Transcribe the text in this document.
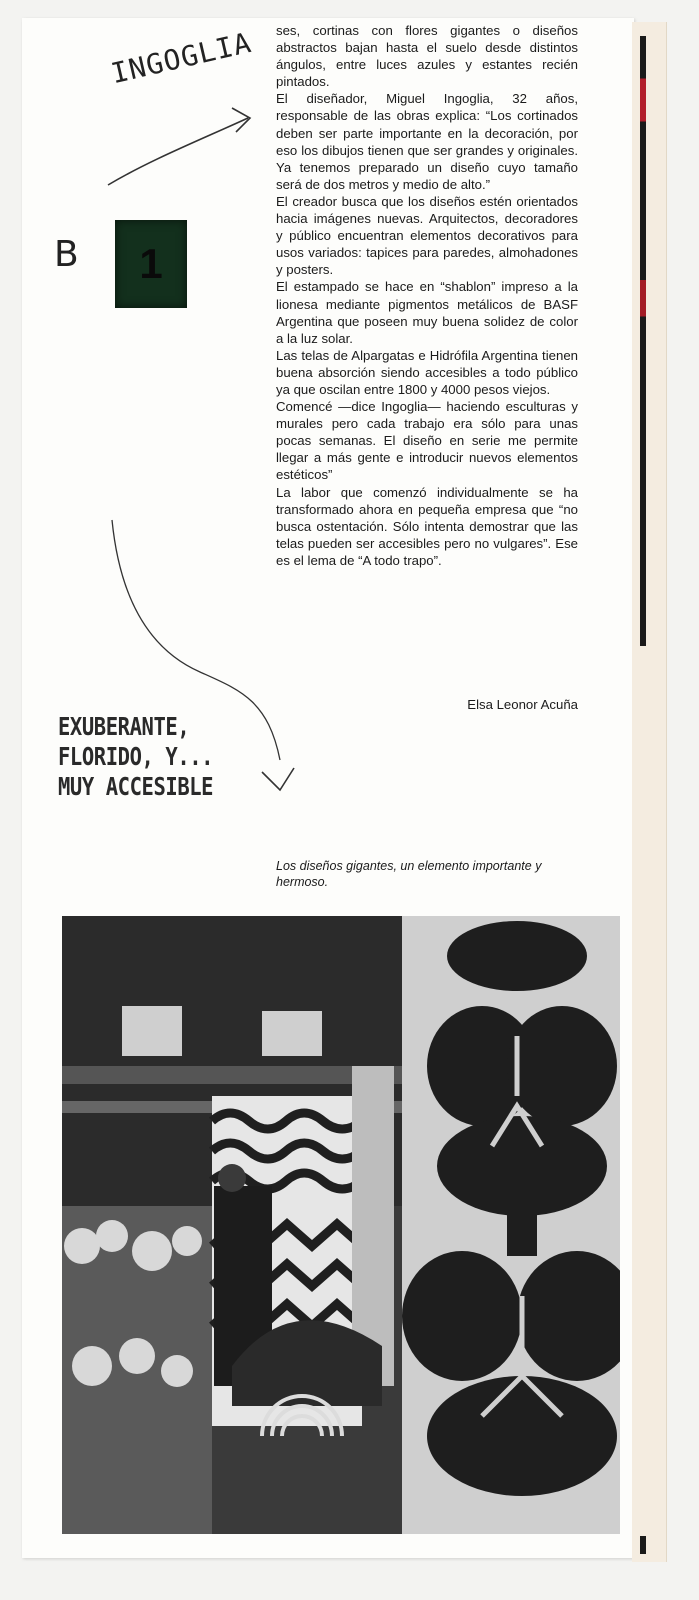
INGOGLIA
B	1

ses, cortinas con flores gigantes o diseños abstractos bajan hasta el suelo desde distintos ángulos, entre luces azules y estantes recién pintados.

El diseñador, Miguel Ingoglia, 32 años, responsable de las obras explica: “Los cortinados deben ser parte importante en la decoración, por eso los dibujos tienen que ser grandes y originales. Ya tenemos preparado un diseño cuyo tamaño será de dos metros y medio de alto.”

El creador busca que los diseños estén orientados hacia imágenes nuevas. Arquitectos, decoradores y público encuentran elementos decorativos para usos variados: tapices para paredes, almohadones y posters.

El estampado se hace en “shablon” impreso a la lionesa mediante pigmentos metálicos de BASF Argentina que poseen muy buena solidez de color a la luz solar.

Las telas de Alpargatas e Hidrófila Argentina tienen buena absorción siendo accesibles a todo público ya que oscilan entre 1800 y 4000 pesos viejos.

Comencé —dice Ingoglia— haciendo esculturas y murales pero cada trabajo era sólo para unas pocas semanas. El diseño en serie me permite llegar a más gente e introducir nuevos elementos estéticos”

La labor que comenzó individualmente se ha transformado ahora en pequeña empresa que “no busca ostentación. Sólo intenta demostrar que las telas pueden ser accesibles pero no vulgares”. Ese es el lema de “A todo trapo”.

Elsa Leonor Acuña
EXUBERANTE,
FLORIDO, Y...
MUY ACCESIBLE
Los diseños gigantes, un elemento importante y hermoso.
